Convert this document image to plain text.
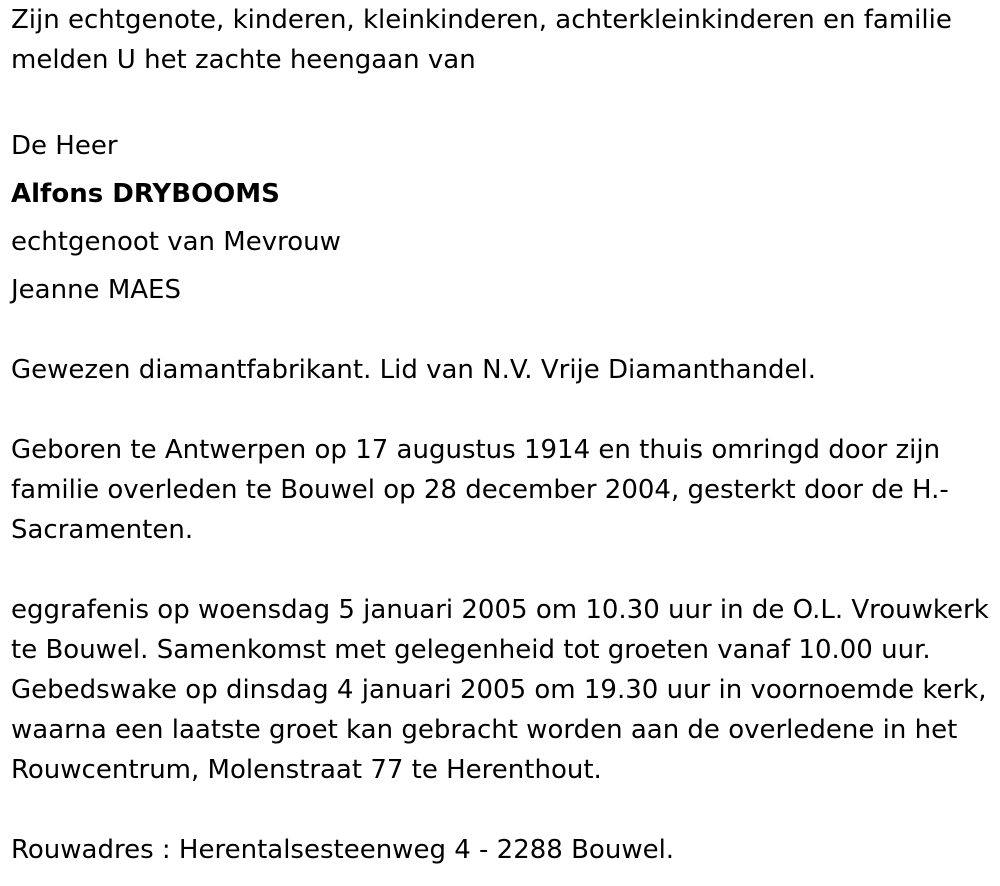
Zijn echtgenote, kinderen, kleinkinderen, achterkleinkinderen en familie melden U het zachte heengaan van

De Heer

Alfons DRYBOOMS

echtgenoot van Mevrouw

Jeanne MAES

Gewezen diamantfabrikant. Lid van N.V. Vrije Diamanthandel.

Geboren te Antwerpen op 17 augustus 1914 en thuis omringd door zijn familie overleden te Bouwel op 28 december 2004, gesterkt door de H.-Sacramenten.

eggrafenis op woensdag 5 januari 2005 om 10.30 uur in de O.L. Vrouwkerk te Bouwel. Samenkomst met gelegenheid tot groeten vanaf 10.00 uur. Gebedswake op dinsdag 4 januari 2005 om 19.30 uur in voornoemde kerk, waarna een laatste groet kan gebracht worden aan de overledene in het Rouwcentrum, Molenstraat 77 te Herenthout.

Rouwadres : Herentalsesteenweg 4 - 2288 Bouwel.
